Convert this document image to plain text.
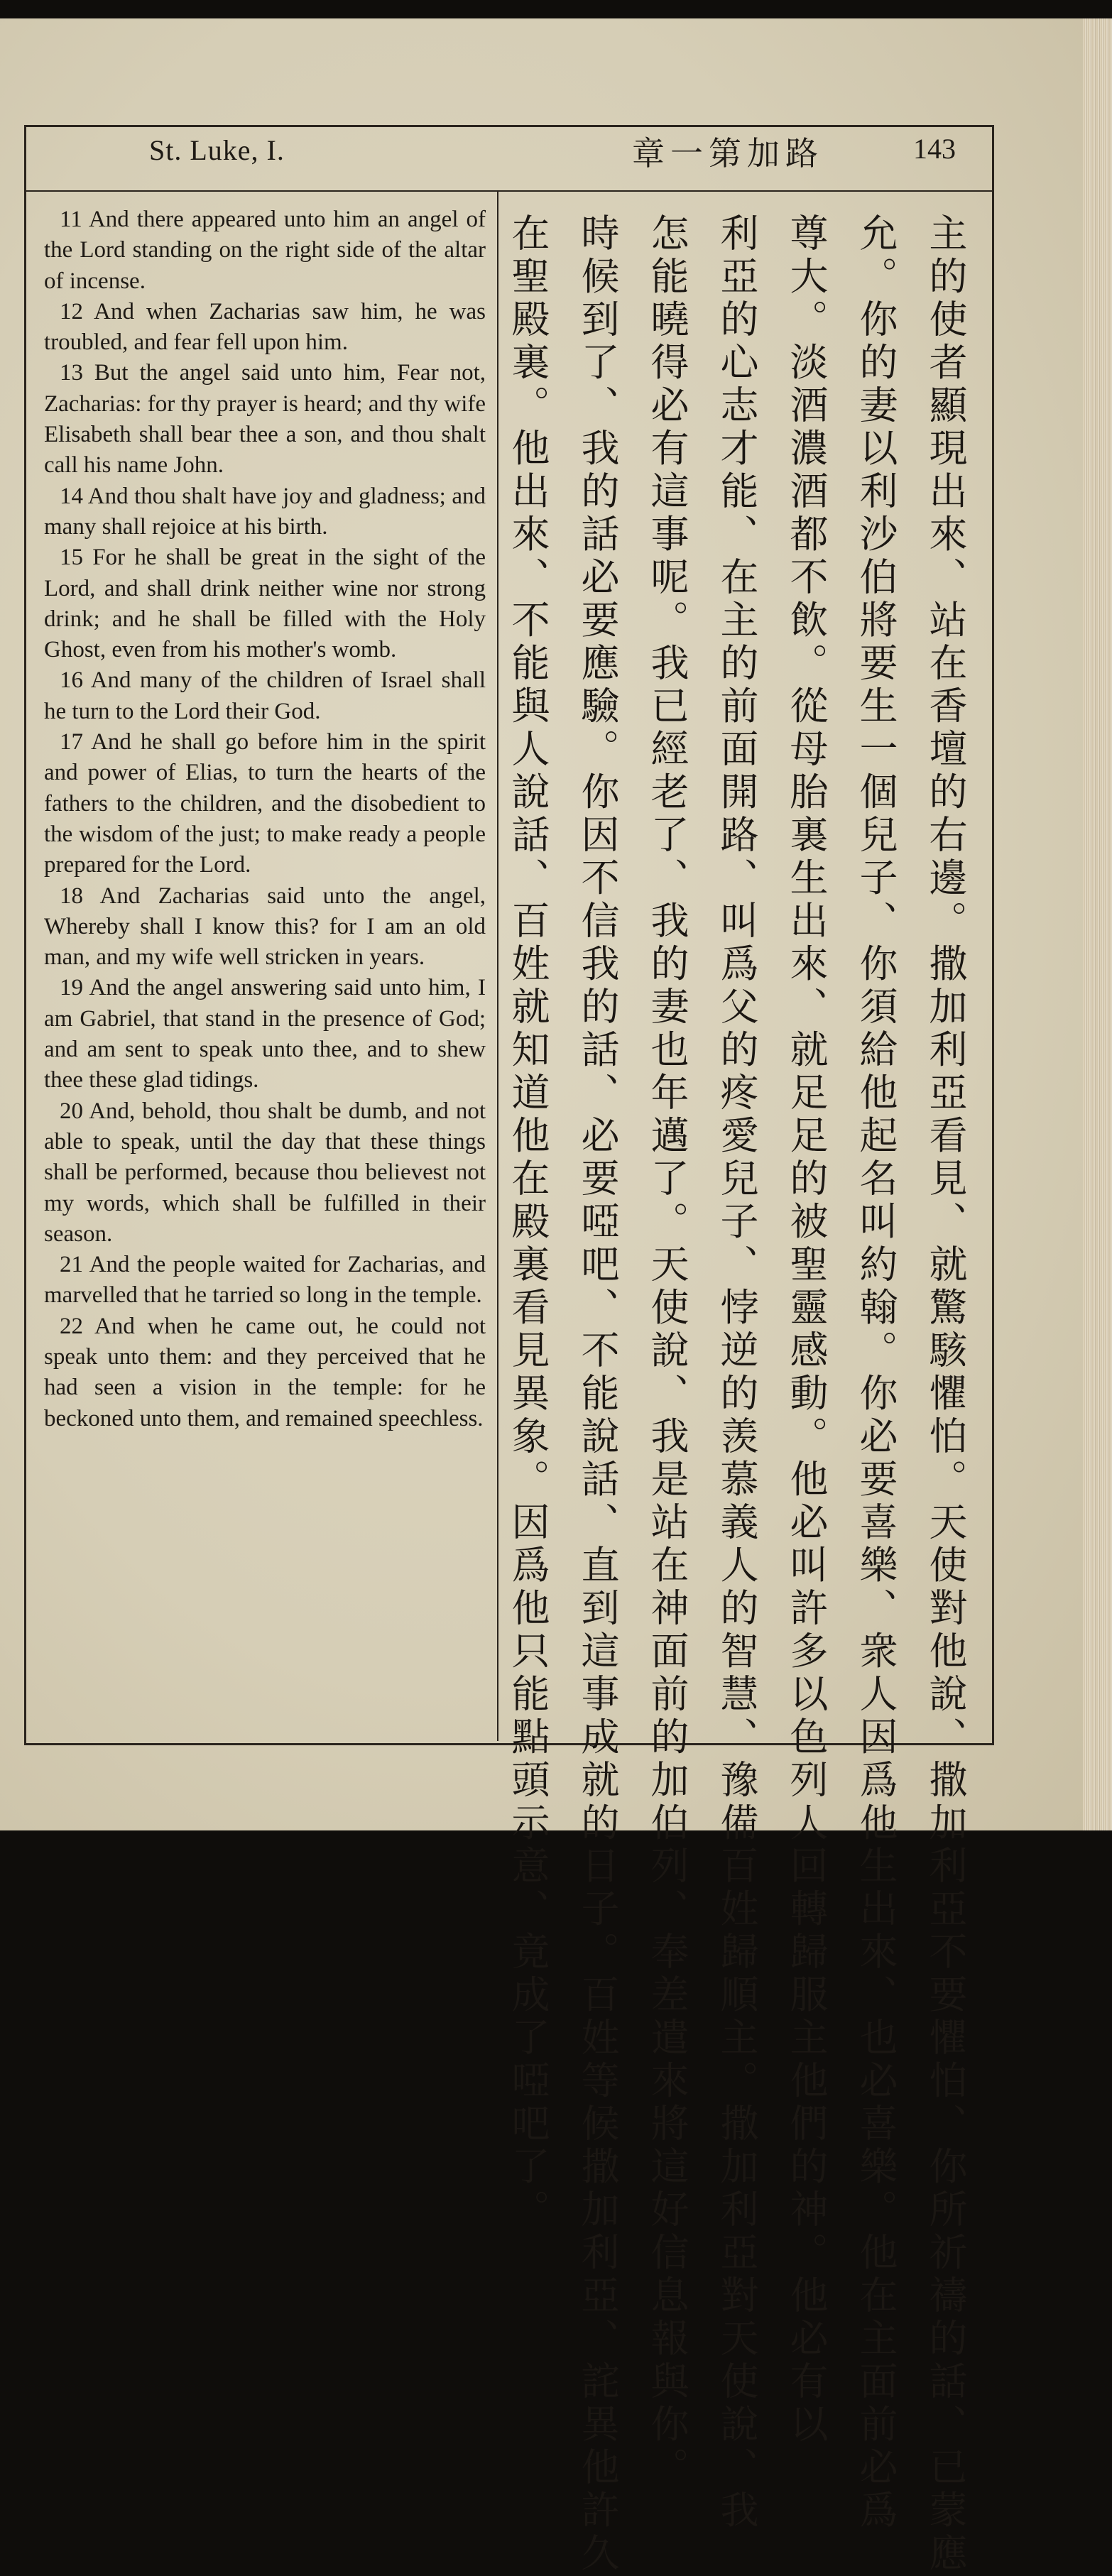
St. Luke, I.	章一第加路	143

11 And there appeared unto him an angel of the Lord standing on the right side of the altar of incense.

12 And when Zacharias saw him, he was troubled, and fear fell upon him.

13 But the angel said unto him, Fear not, Zacharias: for thy prayer is heard; and thy wife Elisabeth shall bear thee a son, and thou shalt call his name John.

14 And thou shalt have joy and gladness; and many shall rejoice at his birth.

15 For he shall be great in the sight of the Lord, and shall drink neither wine nor strong drink; and he shall be filled with the Holy Ghost, even from his mother's womb.

16 And many of the children of Israel shall he turn to the Lord their God.

17 And he shall go before him in the spirit and power of Elias, to turn the hearts of the fathers to the children, and the disobedient to the wisdom of the just; to make ready a people prepared for the Lord.

18 And Zacharias said unto the angel, Whereby shall I know this? for I am an old man, and my wife well stricken in years.

19 And the angel answering said unto him, I am Gabriel, that stand in the presence of God; and am sent to speak unto thee, and to shew thee these glad tidings.

20 And, behold, thou shalt be dumb, and not able to speak, until the day that these things shall be performed, because thou believest not my words, which shall be fulfilled in their season.

21 And the people waited for Zacharias, and marvelled that he tarried so long in the temple.

22 And when he came out, he could not speak unto them: and they perceived that he had seen a vision in the temple: for he beckoned unto them, and remained speechless.	主的使者顯現出來、站在香壇的右邊。撒加利亞看見、就驚駭懼怕。天使對他說、撒加利亞不要懼怕、你所祈禱的話、已蒙應
允。你的妻以利沙伯將要生一個兒子、你須給他起名叫約翰。你必要喜樂、衆人因爲他生出來、也必喜樂。他在主面前必爲
尊大。淡酒濃酒都不飲。從母胎裏生出來、就足足的被聖靈感動。他必叫許多以色列人回轉歸服主他們的神。他必有以
利亞的心志才能、在主的前面開路、叫爲父的疼愛兒子、悖逆的羡慕義人的智慧、豫備百姓歸順主。撒加利亞對天使說、我
怎能曉得必有這事呢。我已經老了、我的妻也年邁了。天使說、我是站在神面前的加伯列、奉差遣來將這好信息報與你。
時候到了、我的話必要應驗。你因不信我的話、必要啞吧、不能說話、直到這事成就的日子。百姓等候撒加利亞、詫異他許久
在聖殿裏。他出來、不能與人說話、百姓就知道他在殿裏看見異象。因爲他只能點頭示意、竟成了啞吧了。
